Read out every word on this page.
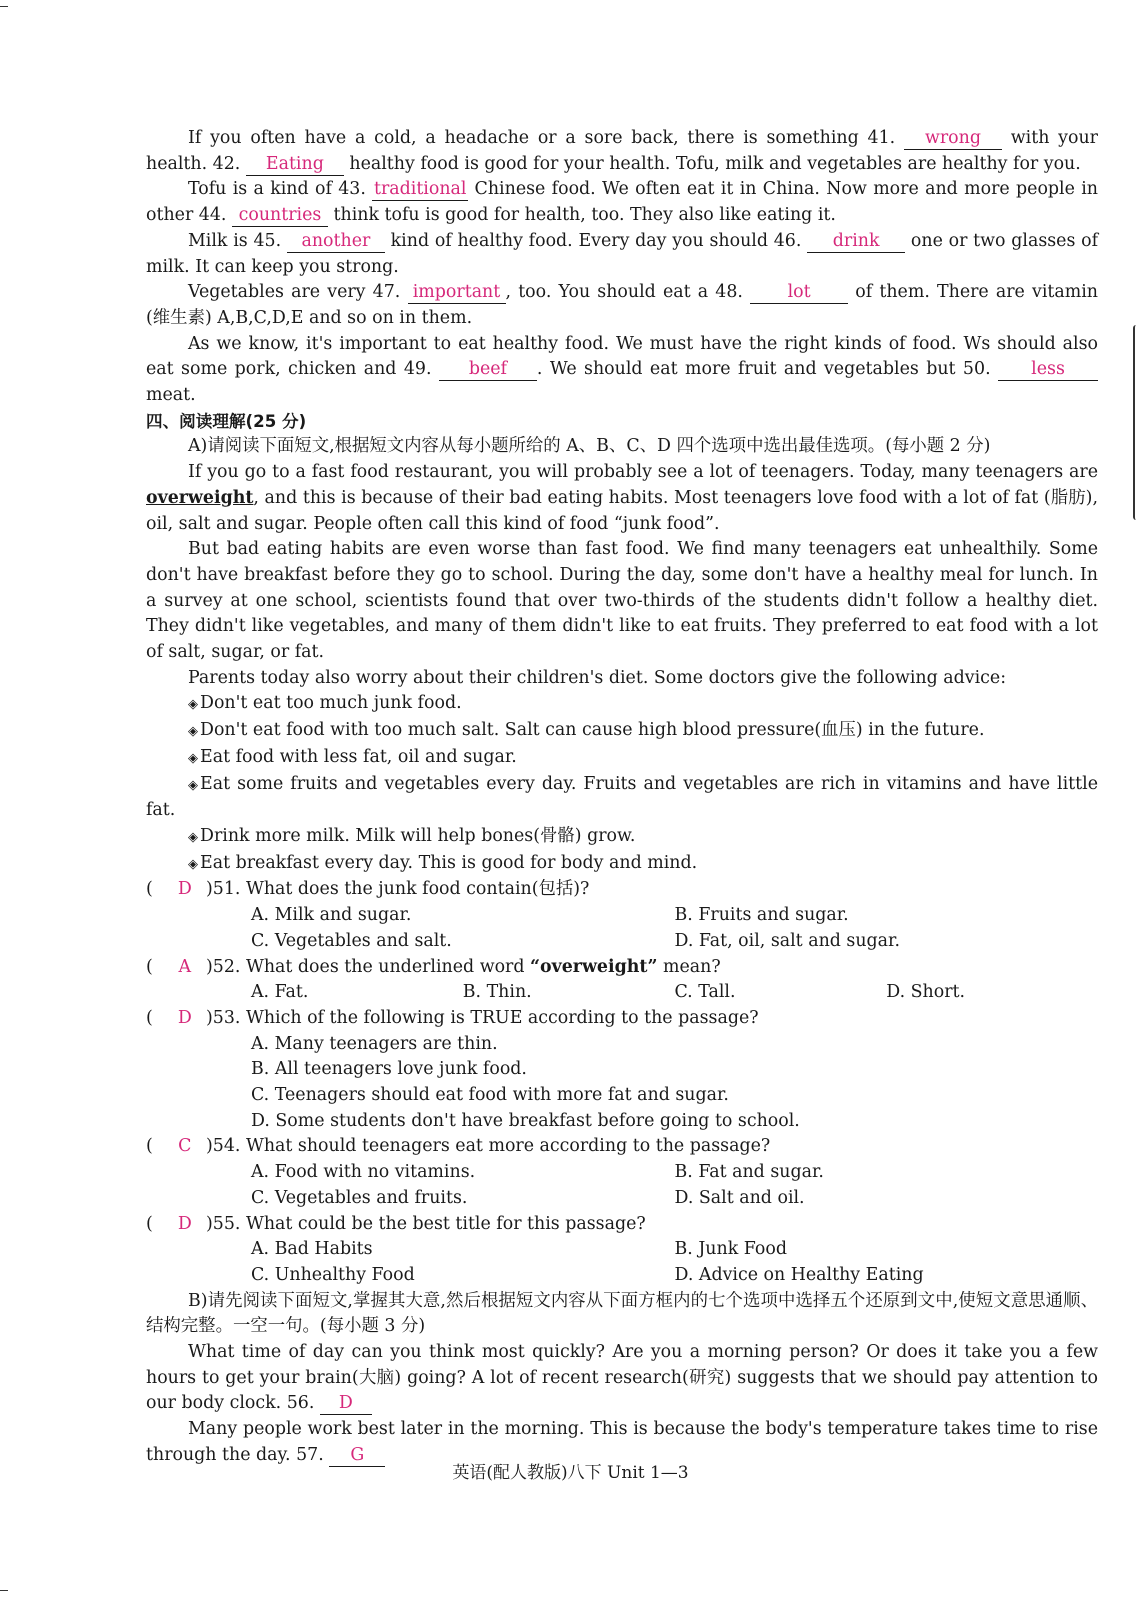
If you often have a cold, a headache or a sore back, there is something 41. wrong with your health. 42. Eating healthy food is good for your health. Tofu, milk and vegetables are healthy for you.

Tofu is a kind of 43. traditional Chinese food. We often eat it in China. Now more and more people in other 44. countries think tofu is good for health, too. They also like eating it.

Milk is 45. another kind of healthy food. Every day you should 46. drink one or two glasses of milk. It can keep you strong.

Vegetables are very 47. important , too. You should eat a 48.	lot of them. There are vitamin (维生素) A,B,C,D,E and so on in them.

As we know, it's important to eat healthy food. We must have the right kinds of food. Ws should also eat some pork, chicken and 49. beef . We should eat more fruit and vegetables but 50. less meat.

四、阅读理解(25 分)

A)请阅读下面短文,根据短文内容从每小题所给的 A、B、C、D 四个选项中选出最佳选项。(每小题 2 分)

If you go to a fast food restaurant, you will probably see a lot of teenagers. Today, many teenagers are overweight, and this is because of their bad eating habits. Most teenagers love food with a lot of fat (脂肪), oil, salt and sugar. People often call this kind of food “junk food”.

But bad eating habits are even worse than fast food. We find many teenagers eat unhealthily. Some don't have breakfast before they go to school. During the day, some don't have a healthy meal for lunch. In a survey at one school, scientists found that over two-thirds of the students didn't follow a healthy diet. They didn't like vegetables, and many of them didn't like to eat fruits. They preferred to eat food with a lot of salt, sugar, or fat.

Parents today also worry about their children's diet. Some doctors give the following advice:

◈ Don't eat too much junk food.

◈ Don't eat food with too much salt. Salt can cause high blood pressure(血压) in the future.

◈ Eat food with less fat, oil and sugar.

◈ Eat some fruits and vegetables every day. Fruits and vegetables are rich in vitamins and have little fat.

◈ Drink more milk. Milk will help bones(骨骼) grow.

◈ Eat breakfast every day. This is good for body and mind.

( D )51. What does the junk food contain(包括)?
A. Milk and sugar.	B. Fruits and sugar.
C. Vegetables and salt.	D. Fat, oil, salt and sugar.
( A )52. What does the underlined word “overweight” mean?
A. Fat.	B. Thin.	C. Tall.	D. Short.
( D )53. Which of the following is TRUE according to the passage?
A. Many teenagers are thin.
B. All teenagers love junk food.
C. Teenagers should eat food with more fat and sugar.
D. Some students don't have breakfast before going to school.
( C )54. What should teenagers eat more according to the passage?
A. Food with no vitamins.	B. Fat and sugar.
C. Vegetables and fruits.	D. Salt and oil.
( D )55. What could be the best title for this passage?
A. Bad Habits	B. Junk Food
C. Unhealthy Food	D. Advice on Healthy Eating

B)请先阅读下面短文,掌握其大意,然后根据短文内容从下面方框内的七个选项中选择五个还原到文中,使短文意思通顺、结构完整。一空一句。(每小题 3 分)

What time of day can you think most quickly? Are you a morning person? Or does it take you a few hours to get your brain(大脑) going? A lot of recent research(研究) suggests that we should pay attention to our body clock. 56. D

Many people work best later in the morning. This is because the body's temperature takes time to rise through the day. 57. G

英语(配人教版)八下 Unit 1—3
